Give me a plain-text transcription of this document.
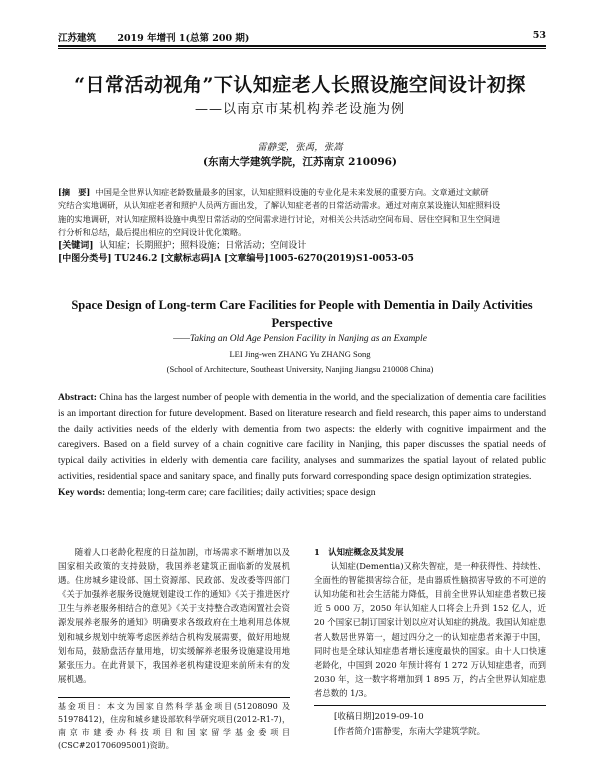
江苏建筑 2019 年增刊 1(总第 200 期)	53
“日常活动视角”下认知症老人长照设施空间设计初探
——以南京市某机构养老设施为例
雷静雯，张禹，张嵩
(东南大学建筑学院，江苏南京 210096)
[摘　要] 中国是全世界认知症老龄数量最多的国家，认知症照料设施的专业化是未来发展的重要方向。文章通过文献研
究结合实地调研，从认知症老者和照护人员两方面出发，了解认知症老者的日常活动需求。通过对南京某设施认知症照料设
施的实地调研，对认知症照料设施中典型日常活动的空间需求进行讨论，对相关公共活动空间布局、居住空间和卫生空间进
行分析和总结，最后提出相应的空间设计优化策略。
[关键词] 认知症；长期照护；照料设施；日常活动；空间设计
[中图分类号] TU246.2 [文献标志码]A [文章编号]1005-6270(2019)S1-0053-05
Space Design of Long-term Care Facilities for People with Dementia in Daily Activities Perspective
——Taking an Old Age Pension Facility in Nanjing as an Example
LEI Jing-wen ZHANG Yu ZHANG Song
(School of Architecture, Southeast University, Nanjing Jiangsu 210008 China)
Abstract: China has the largest number of people with dementia in the world, and the specialization of dementia care facilities is an important direction for future development. Based on literature research and field research, this paper aims to understand the daily activities needs of the elderly with dementia from two aspects: the elderly with cognitive impairment and the caregivers. Based on a field survey of a chain cognitive care facility in Nanjing, this paper discusses the spatial needs of typical daily activities in elderly with dementia care facility, analyses and summarizes the spatial layout of related public activities, residential space and sanitary space, and finally puts forward corresponding space design optimization strategies.
Key words: dementia; long-term care; care facilities; daily activities; space design
随着人口老龄化程度的日益加剧，市场需求不断增加以及国家相关政策的支持鼓励，我国养老建筑正面临新的发展机遇。住房城乡建设部、国土资源部、民政部、发改委等四部门《关于加强养老服务设施规划建设工作的通知》《关于推进医疗卫生与养老服务相结合的意见》《关于支持整合改造闲置社会资源发展养老服务的通知》明确要求各级政府在土地利用总体规划和城乡规划中统筹考虑医养结合机构发展需要，做好用地规划布局，鼓励盘活存量用地，切实缓解养老服务设施建设用地紧张压力。在此背景下，我国养老机构建设迎来前所未有的发展机遇。
基金项目：本文为国家自然科学基金项目(51208090 及 51978412)，住房和城乡建设部软科学研究项目(2012-R1-7)，南京市建委办科技项目和国家留学基金委项目(CSC#201706095001)资助。
1　认知症概念及其发展
认知症(Dementia)又称失智症，是一种获得性、持续性、全面性的智能损害综合征，是由器质性脑损害导致的不可逆的认知功能和社会生活能力降低，目前全世界认知症患者数已接近 5 000 万，2050 年认知症人口将会上升到 152 亿人，近 20 个国家已制订国家计划以应对认知症的挑战。我国认知症患者人数居世界第一，超过四分之一的认知症患者来源于中国，同时也是全球认知症患者增长速度最快的国家。由十人口快速老龄化，中国到 2020 年预计将有 1 272 万认知症患者，而到 2030 年，这一数字将增加到 1 895 万，约占全世界认知症患者总数的 1/3。
[收稿日期]2019-09-10
[作者简介]雷静雯，东南大学建筑学院。
